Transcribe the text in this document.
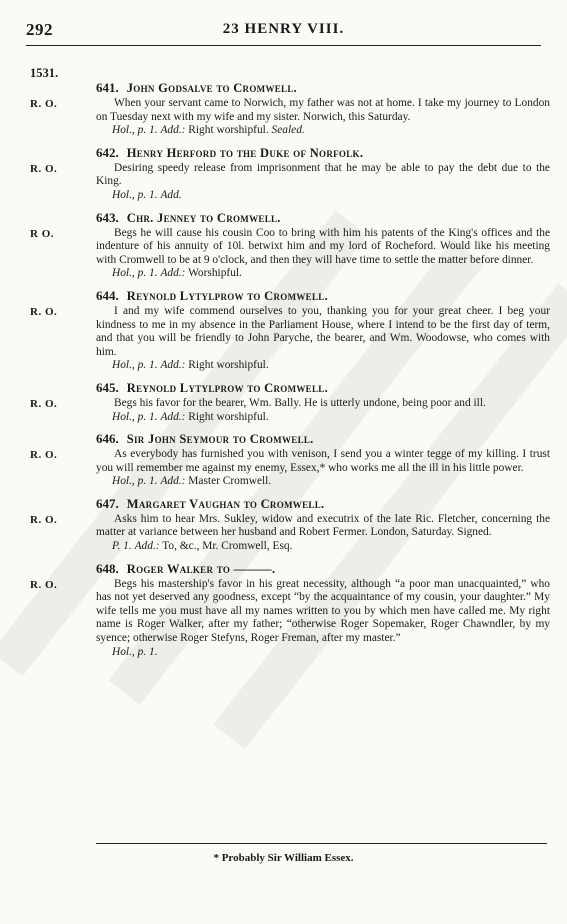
292	23 HENRY VIII.
1531.
R. O.
641. John Godsalve to Cromwell.
When your servant came to Norwich, my father was not at home. I take my journey to London on Tuesday next with my wife and my sister. Norwich, this Saturday.
Hol., p. 1. Add.: Right worshipful. Sealed.
R. O.
642. Henry Herford to the Duke of Norfolk.
Desiring speedy release from imprisonment that he may be able to pay the debt due to the King.
Hol., p. 1. Add.
R O.
643. Chr. Jenney to Cromwell.
Begs he will cause his cousin Coo to bring with him his patents of the King's offices and the indenture of his annuity of 10l. betwixt him and my lord of Rocheford. Would like his meeting with Cromwell to be at 9 o'clock, and then they will have time to settle the matter before dinner.
Hol., p. 1. Add.: Worshipful.
R. O.
644. Reynold Lytylprow to Cromwell.
I and my wife commend ourselves to you, thanking you for your great cheer. I beg your kindness to me in my absence in the Parliament House, where I intend to be the first day of term, and that you will be friendly to John Paryche, the bearer, and Wm. Woodowse, who comes with him.
Hol., p. 1. Add.: Right worshipful.
R. O.
645. Reynold Lytylprow to Cromwell.
Begs his favor for the bearer, Wm. Bally. He is utterly undone, being poor and ill.
Hol., p. 1. Add.: Right worshipful.
R. O.
646. Sir John Seymour to Cromwell.
As everybody has furnished you with venison, I send you a winter tegge of my killing. I trust you will remember me against my enemy, Essex,* who works me all the ill in his little power.
Hol., p. 1. Add.: Master Cromwell.
R. O.
647. Margaret Vaughan to Cromwell.
Asks him to hear Mrs. Sukley, widow and executrix of the late Ric. Fletcher, concerning the matter at variance between her husband and Robert Fermer. London, Saturday. Signed.
P. 1. Add.: To, &c., Mr. Cromwell, Esq.
R. O.
648. Roger Walker to ———.
Begs his mastership's favor in his great necessity, although “a poor man unacquainted,” who has not yet deserved any goodness, except “by the acquaintance of my cousin, your daughter.” My wife tells me you must have all my names written to you by which men have called me. My right name is Roger Walker, after my father; “otherwise Roger Sopemaker, Roger Chawndler, by my syence; otherwise Roger Stefyns, Roger Freman, after my master.”
Hol., p. 1.
* Probably Sir William Essex.
